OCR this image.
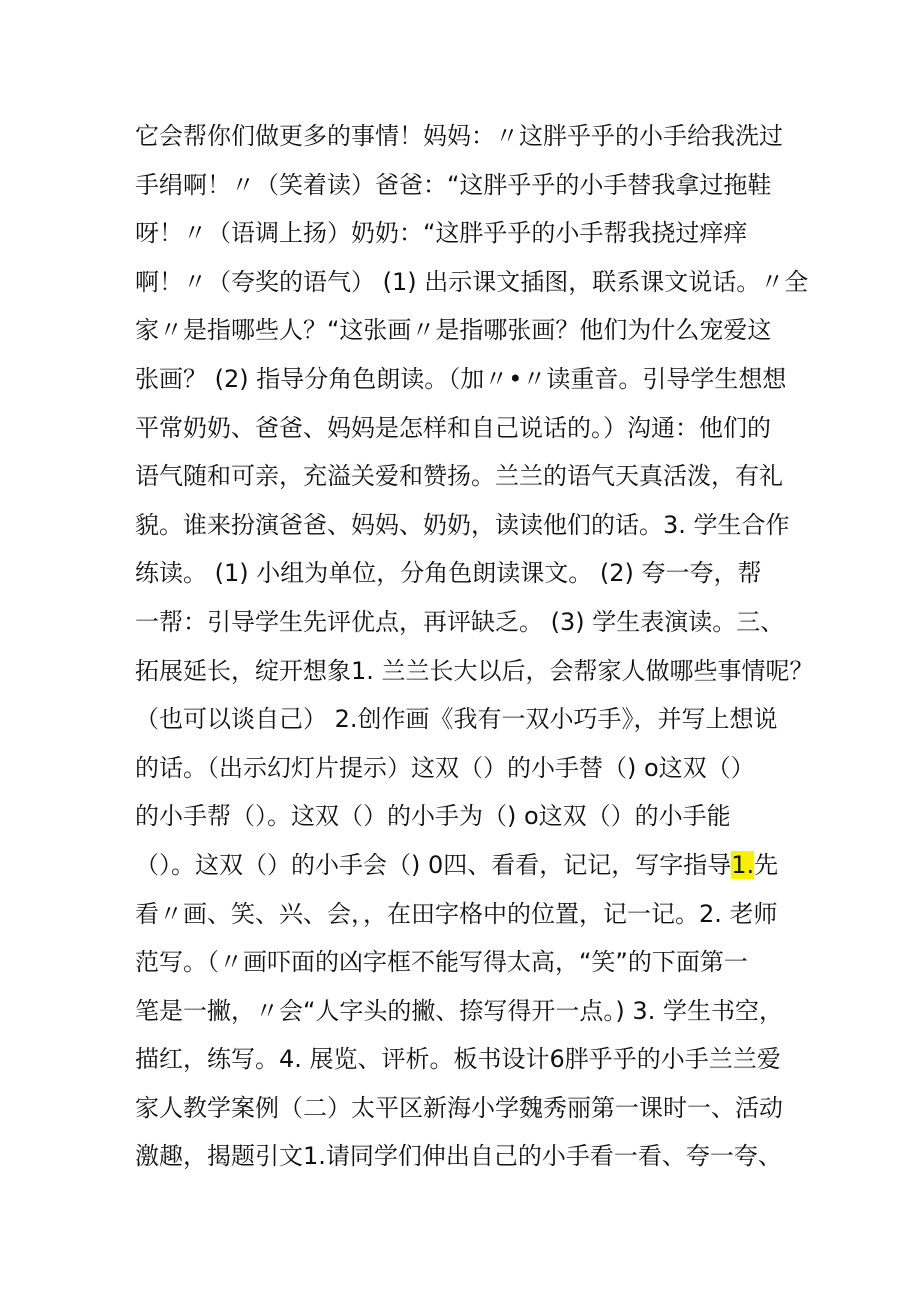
它会帮你们做更多的事情！妈妈：〃这胖乎乎的小手给我洗过
手绢啊！〃（笑着读）爸爸：“这胖乎乎的小手替我拿过拖鞋
呀！〃（语调上扬）奶奶：“这胖乎乎的小手帮我挠过痒痒
啊！〃（夸奖的语气） (1) 出示课文插图，联系课文说话。〃全
家〃是指哪些人？“这张画〃是指哪张画？他们为什么宠爱这
张画？ (2) 指导分角色朗读。（加〃•〃读重音。引导学生想想
平常奶奶、爸爸、妈妈是怎样和自己说话的。）沟通：他们的
语气随和可亲，充溢关爱和赞扬。兰兰的语气天真活泼，有礼
貌。谁来扮演爸爸、妈妈、奶奶，读读他们的话。3. 学生合作
练读。 (1) 小组为单位，分角色朗读课文。 (2) 夸一夸，帮
一帮：引导学生先评优点，再评缺乏。 (3) 学生表演读。三、
拓展延长，绽开想象1. 兰兰长大以后，会帮家人做哪些事情呢？
（也可以谈自己） 2.创作画《我有一双小巧手》，并写上想说
的话。（出示幻灯片提示）这双（）的小手替（) o这双（）
的小手帮（）。这双（）的小手为（) o这双（）的小手能
（）。这双（）的小手会（) 0四、看看，记记，写字指导1.先
看〃画、笑、兴、会，，在田字格中的位置，记一记。2. 老师
范写。（〃画吓面的凶字框不能写得太高，“笑”的下面第一
笔是一撇，〃会“人字头的撇、捺写得开一点。) 3. 学生书空，
描红，练写。4. 展览、评析。板书设计6胖乎乎的小手兰兰爱
家人教学案例（二）太平区新海小学魏秀丽第一课时一、活动
激趣，揭题引文1.请同学们伸出自己的小手看一看、夸一夸、
